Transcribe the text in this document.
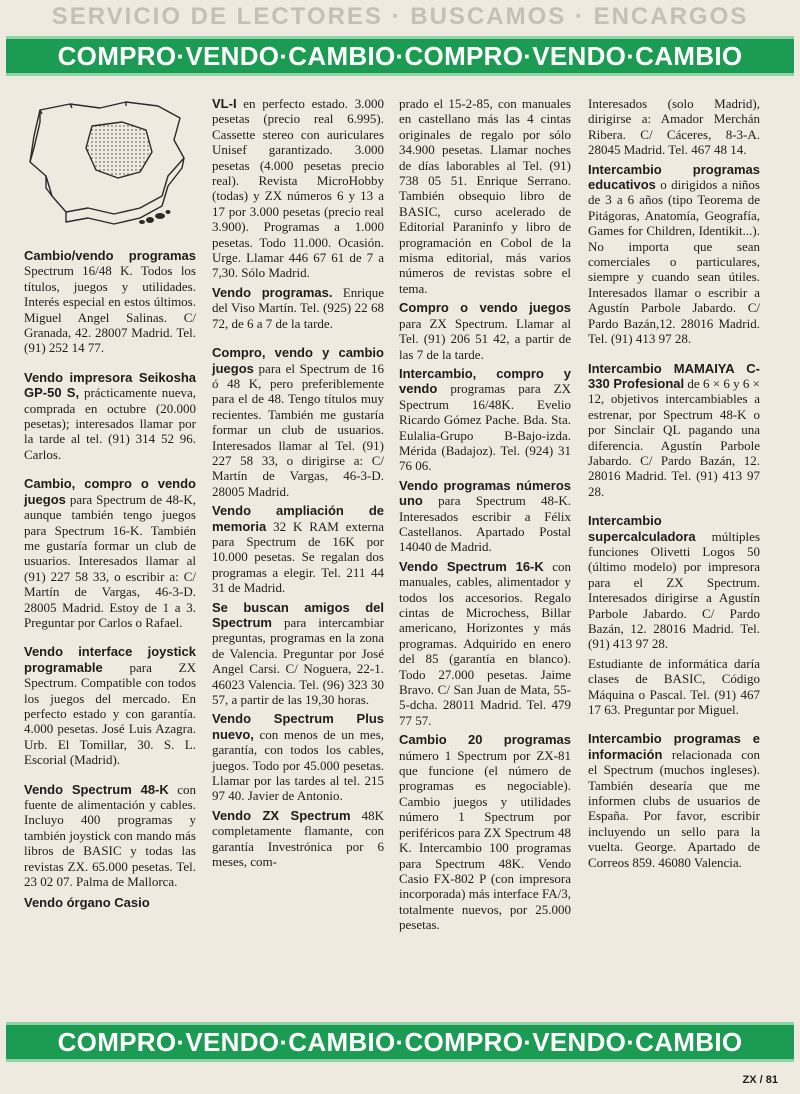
SERVICIO DE LECTORES · BUSCAMOS · ENCARGOS
COMPRO·VENDO·CAMBIO·COMPRO·VENDO·CAMBIO

Cambio/vendo programas Spectrum 16/48 K. Todos los títulos, juegos y utilidades. Interés especial en estos últimos. Miguel Angel Salinas. C/ Granada, 42. 28007 Madrid. Tel. (91) 252 14 77.

Vendo impresora Seikosha GP-50 S, prácticamente nueva, comprada en octubre (20.000 pesetas); interesados llamar por la tarde al tel. (91) 314 52 96. Carlos.

Cambio, compro o vendo juegos para Spectrum de 48-K, aunque también tengo juegos para Spectrum 16-K. También me gustaría formar un club de usuarios. Interesados llamar al (91) 227 58 33, o escribir a: C/ Martín de Vargas, 46-3-D. 28005 Madrid. Estoy de 1 a 3. Preguntar por Carlos o Rafael.

Vendo interface joystick programable para ZX Spectrum. Compatible con todos los juegos del mercado. En perfecto estado y con garantía. 4.000 pesetas. José Luis Azagra. Urb. El Tomillar, 30. S. L. Escorial (Madrid).

Vendo Spectrum 48-K con fuente de alimentación y cables. Incluyo 400 programas y también joystick con mando más libros de BASIC y todas las revistas ZX. 65.000 pesetas. Tel. 23 02 07. Palma de Mallorca.

Vendo órgano Casio

VL-I en perfecto estado. 3.000 pesetas (precio real 6.995). Cassette stereo con auriculares Unisef garantizado. 3.000 pesetas (4.000 pesetas precio real). Revista MicroHobby (todas) y ZX números 6 y 13 a 17 por 3.000 pesetas (precio real 3.900). Programas a 1.000 pesetas. Todo 11.000. Ocasión. Urge. Llamar 446 67 61 de 7 a 7,30. Sólo Madrid.

Vendo programas. Enrique del Viso Martín. Tel. (925) 22 68 72, de 6 a 7 de la tarde.

Compro, vendo y cambio juegos para el Spectrum de 16 ó 48 K, pero preferiblemente para el de 48. Tengo títulos muy recientes. También me gustaría formar un club de usuarios. Interesados llamar al Tel. (91) 227 58 33, o dirigirse a: C/ Martín de Vargas, 46-3-D. 28005 Madrid.

Vendo ampliación de memoria 32 K RAM externa para Spectrum de 16K por 10.000 pesetas. Se regalan dos programas a elegir. Tel. 211 44 31 de Madrid.

Se buscan amigos del Spectrum para intercambiar preguntas, programas en la zona de Valencia. Preguntar por José Angel Carsi. C/ Noguera, 22-1. 46023 Valencia. Tel. (96) 323 30 57, a partir de las 19,30 horas.

Vendo Spectrum Plus nuevo, con menos de un mes, garantía, con todos los cables, juegos. Todo por 45.000 pesetas. Llamar por las tardes al tel. 215 97 40. Javier de Antonio.

Vendo ZX Spectrum 48K completamente flamante, con garantía Investrónica por 6 meses, com-

prado el 15-2-85, con manuales en castellano más las 4 cintas originales de regalo por sólo 34.900 pesetas. Llamar noches de días laborables al Tel. (91) 738 05 51. Enrique Serrano. También obsequio libro de BASIC, curso acelerado de Editorial Paraninfo y libro de programación en Cobol de la misma editorial, más varios números de revistas sobre el tema.

Compro o vendo juegos para ZX Spectrum. Llamar al Tel. (91) 206 51 42, a partir de las 7 de la tarde.

Intercambio, compro y vendo programas para ZX Spectrum 16/48K. Evelio Ricardo Gómez Pache. Bda. Sta. Eulalia-Grupo B-Bajo-izda. Mérida (Badajoz). Tel. (924) 31 76 06.

Vendo programas números uno para Spectrum 48-K. Interesados escribir a Félix Castellanos. Apartado Postal 14040 de Madrid.

Vendo Spectrum 16-K con manuales, cables, alimentador y todos los accesorios. Regalo cintas de Microchess, Billar americano, Horizontes y más programas. Adquirido en enero del 85 (garantía en blanco). Todo 27.000 pesetas. Jaime Bravo. C/ San Juan de Mata, 55-5-dcha. 28011 Madrid. Tel. 479 77 57.

Cambio 20 programas número 1 Spectrum por ZX-81 que funcione (el número de programas es negociable). Cambio juegos y utilidades número 1 Spectrum por periféricos para ZX Spectrum 48 K. Intercambio 100 programas para Spectrum 48K. Vendo Casio FX-802 P (con impresora incorporada) más interface FA/3, totalmente nuevos, por 25.000 pesetas.

Interesados (solo Madrid), dirigirse a: Amador Merchán Ribera. C/ Cáceres, 8-3-A. 28045 Madrid. Tel. 467 48 14.

Intercambio programas educativos o dirigidos a niños de 3 a 6 años (tipo Teorema de Pitágoras, Anatomía, Geografía, Games for Children, Identikit...). No importa que sean comerciales o particulares, siempre y cuando sean útiles. Interesados llamar o escribir a Agustín Parbole Jabardo. C/ Pardo Bazán,12. 28016 Madrid. Tel. (91) 413 97 28.

Intercambio MAMAIYA C-330 Profesional de 6 × 6 y 6 × 12, objetivos intercambiables a estrenar, por Spectrum 48-K o por Sinclair QL pagando una diferencia. Agustín Parbole Jabardo. C/ Pardo Bazán, 12. 28016 Madrid. Tel. (91) 413 97 28.

Intercambio supercalculadora múltiples funciones Olivetti Logos 50 (último modelo) por impresora para el ZX Spectrum. Interesados dirigirse a Agustín Parbole Jabardo. C/ Pardo Bazán, 12. 28016 Madrid. Tel. (91) 413 97 28.

Estudiante de informática daría clases de BASIC, Código Máquina o Pascal. Tel. (91) 467 17 63. Preguntar por Miguel.

Intercambio programas e información relacionada con el Spectrum (muchos ingleses). También desearía que me informen clubs de usuarios de España. Por favor, escribir incluyendo un sello para la vuelta. George. Apartado de Correos 859. 46080 Valencia.

COMPRO·VENDO·CAMBIO·COMPRO·VENDO·CAMBIO
ZX / 81
